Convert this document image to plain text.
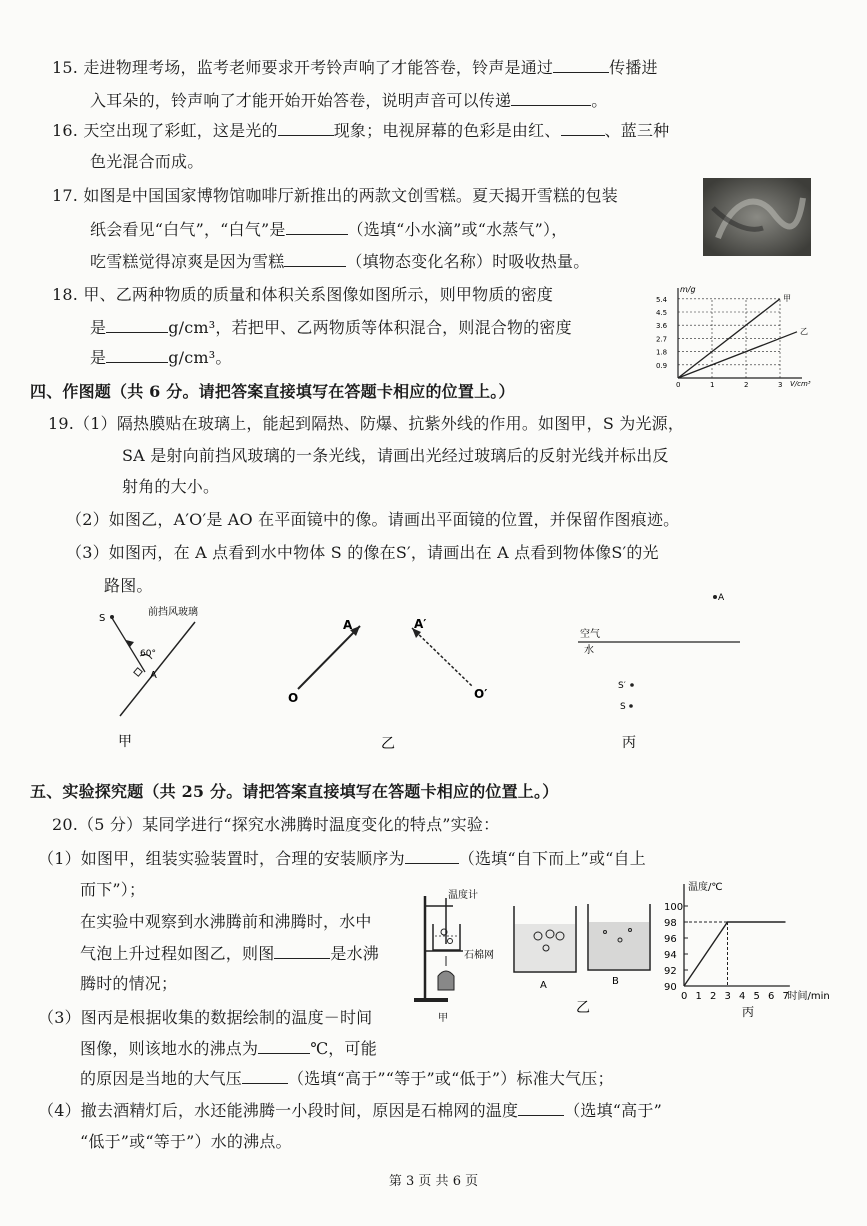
15. 走进物理考场，监考老师要求开考铃声响了才能答卷，铃声是通过	传播进
入耳朵的，铃声响了才能开始开始答卷，说明声音可以传递	。
16. 天空出现了彩虹，这是光的	现象；电视屏幕的色彩是由红、	、蓝三种
色光混合而成。
17. 如图是中国国家博物馆咖啡厅新推出的两款文创雪糕。夏天揭开雪糕的包装
纸会看见“白气”，“白气”是	（选填“小水滴”或“水蒸气”），
吃雪糕觉得凉爽是因为雪糕	（填物态变化名称）时吸收热量。
18. 甲、乙两种物质的质量和体积关系图像如图所示，则甲物质的密度
是	g/cm³，若把甲、乙两物质等体积混合，则混合物的密度
是	g/cm³。
m/g
V/cm³
0.9
1.8
2.7
3.6
4.5
5.4
0	1	2	3
甲
乙
四、作图题（共 6 分。请把答案直接填写在答题卡相应的位置上。）
19.（1）隔热膜贴在玻璃上，能起到隔热、防爆、抗紫外线的作用。如图甲，S 为光源，
SA 是射向前挡风玻璃的一条光线，请画出光经过玻璃后的反射光线并标出反
射角的大小。
（2）如图乙，A′O′是 AO 在平面镜中的像。请画出平面镜的位置，并保留作图痕迹。
（3）如图丙，在 A 点看到水中物体 S 的像在S′，请画出在 A 点看到物体像S′的光
路图。
S
前挡风玻璃
60°
A
甲
A
O
A′
O′
乙
A
空气
水
S′
S
丙
五、实验探究题（共 25 分。请把答案直接填写在答题卡相应的位置上。）
20.（5 分）某同学进行“探究水沸腾时温度变化的特点”实验：
（1）如图甲，组装实验装置时，合理的安装顺序为	（选填“自下而上”或“自上
而下”）；
在实验中观察到水沸腾前和沸腾时，水中
气泡上升过程如图乙，则图	是水沸
腾时的情况；
（3）图丙是根据收集的数据绘制的温度－时间
图像，则该地水的沸点为	℃，可能
的原因是当地的大气压	（选填“高于”“等于”或“低于”）标准大气压；
（4）撤去酒精灯后，水还能沸腾一小段时间，原因是石棉网的温度	（选填“高于”
“低于”或“等于”）水的沸点。
温度计
石棉网
甲
A	B
乙
温度/℃
时间/min
90
92
94
96
98
100
0 1 2 3 4 5 6 7
丙
第 3 页 共 6 页
